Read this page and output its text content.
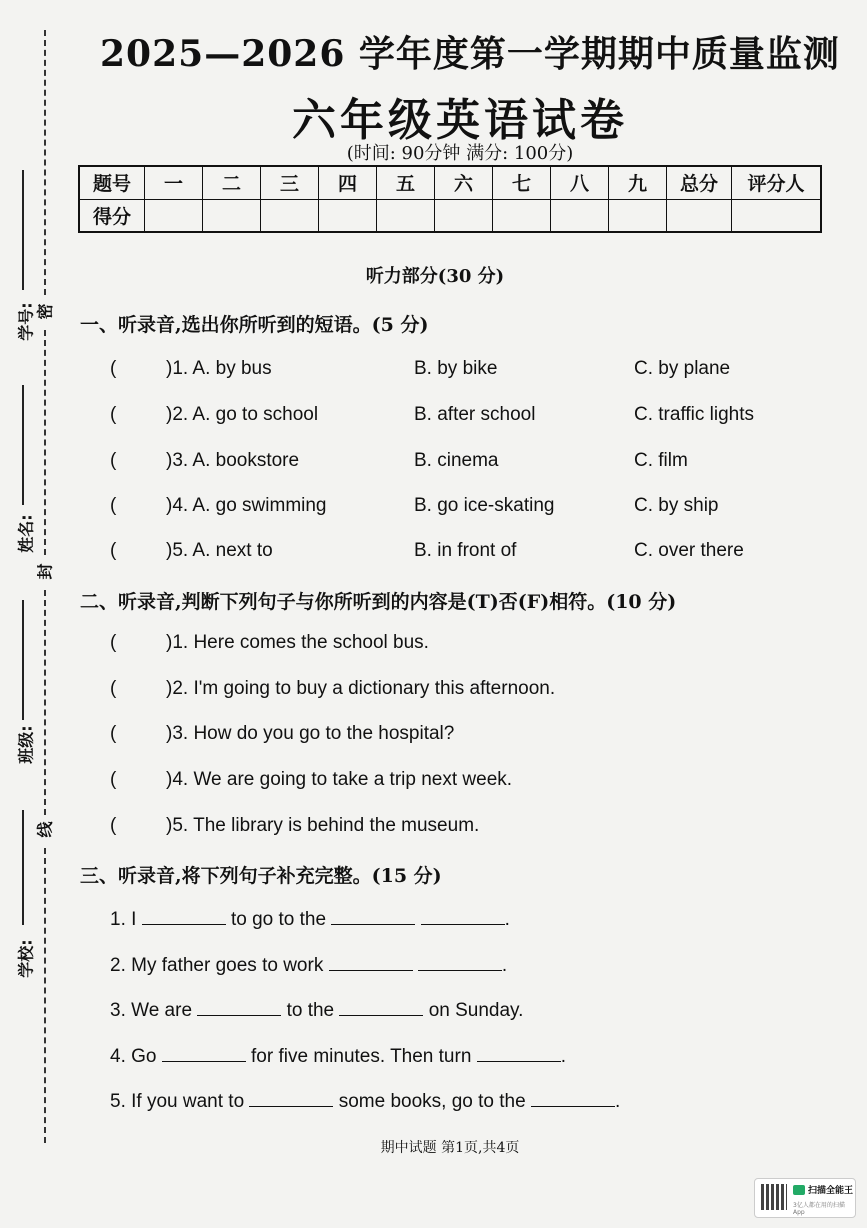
学号:
姓名:
班级:
学校:
密
封
线
2025—2026 学年度第一学期期中质量监测
六年级英语试卷
(时间: 90分钟 满分: 100分)
题号	一	二	三	四	五	六	七	八	九	总分	评分人
得分											
听力部分(30 分)
一、听录音,选出你所听到的短语。(5 分)
(	)1. A. by bus	B. by bike	C. by plane
(	)2. A. go to school	B. after school	C. traffic lights
(	)3. A. bookstore	B. cinema	C. film
(	)4. A. go swimming	B. go ice-skating	C. by ship
(	)5. A. next to	B. in front of	C. over there
二、听录音,判断下列句子与你所听到的内容是(T)否(F)相符。(10 分)
(	)1. Here comes the school bus.
(	)2. I'm going to buy a dictionary this afternoon.
(	)3. How do you go to the hospital?
(	)4. We are going to take a trip next week.
(	)5. The library is behind the museum.
三、听录音,将下列句子补充完整。(15 分)
1. I	to go to the	.
2. My father goes to work	.
3. We are	to the	on Sunday.
4. Go	for five minutes. Then turn	.
5. If you want to	some books, go to the	.
期中试题 第1页,共4页
扫描全能王
3亿人都在用的扫描App
